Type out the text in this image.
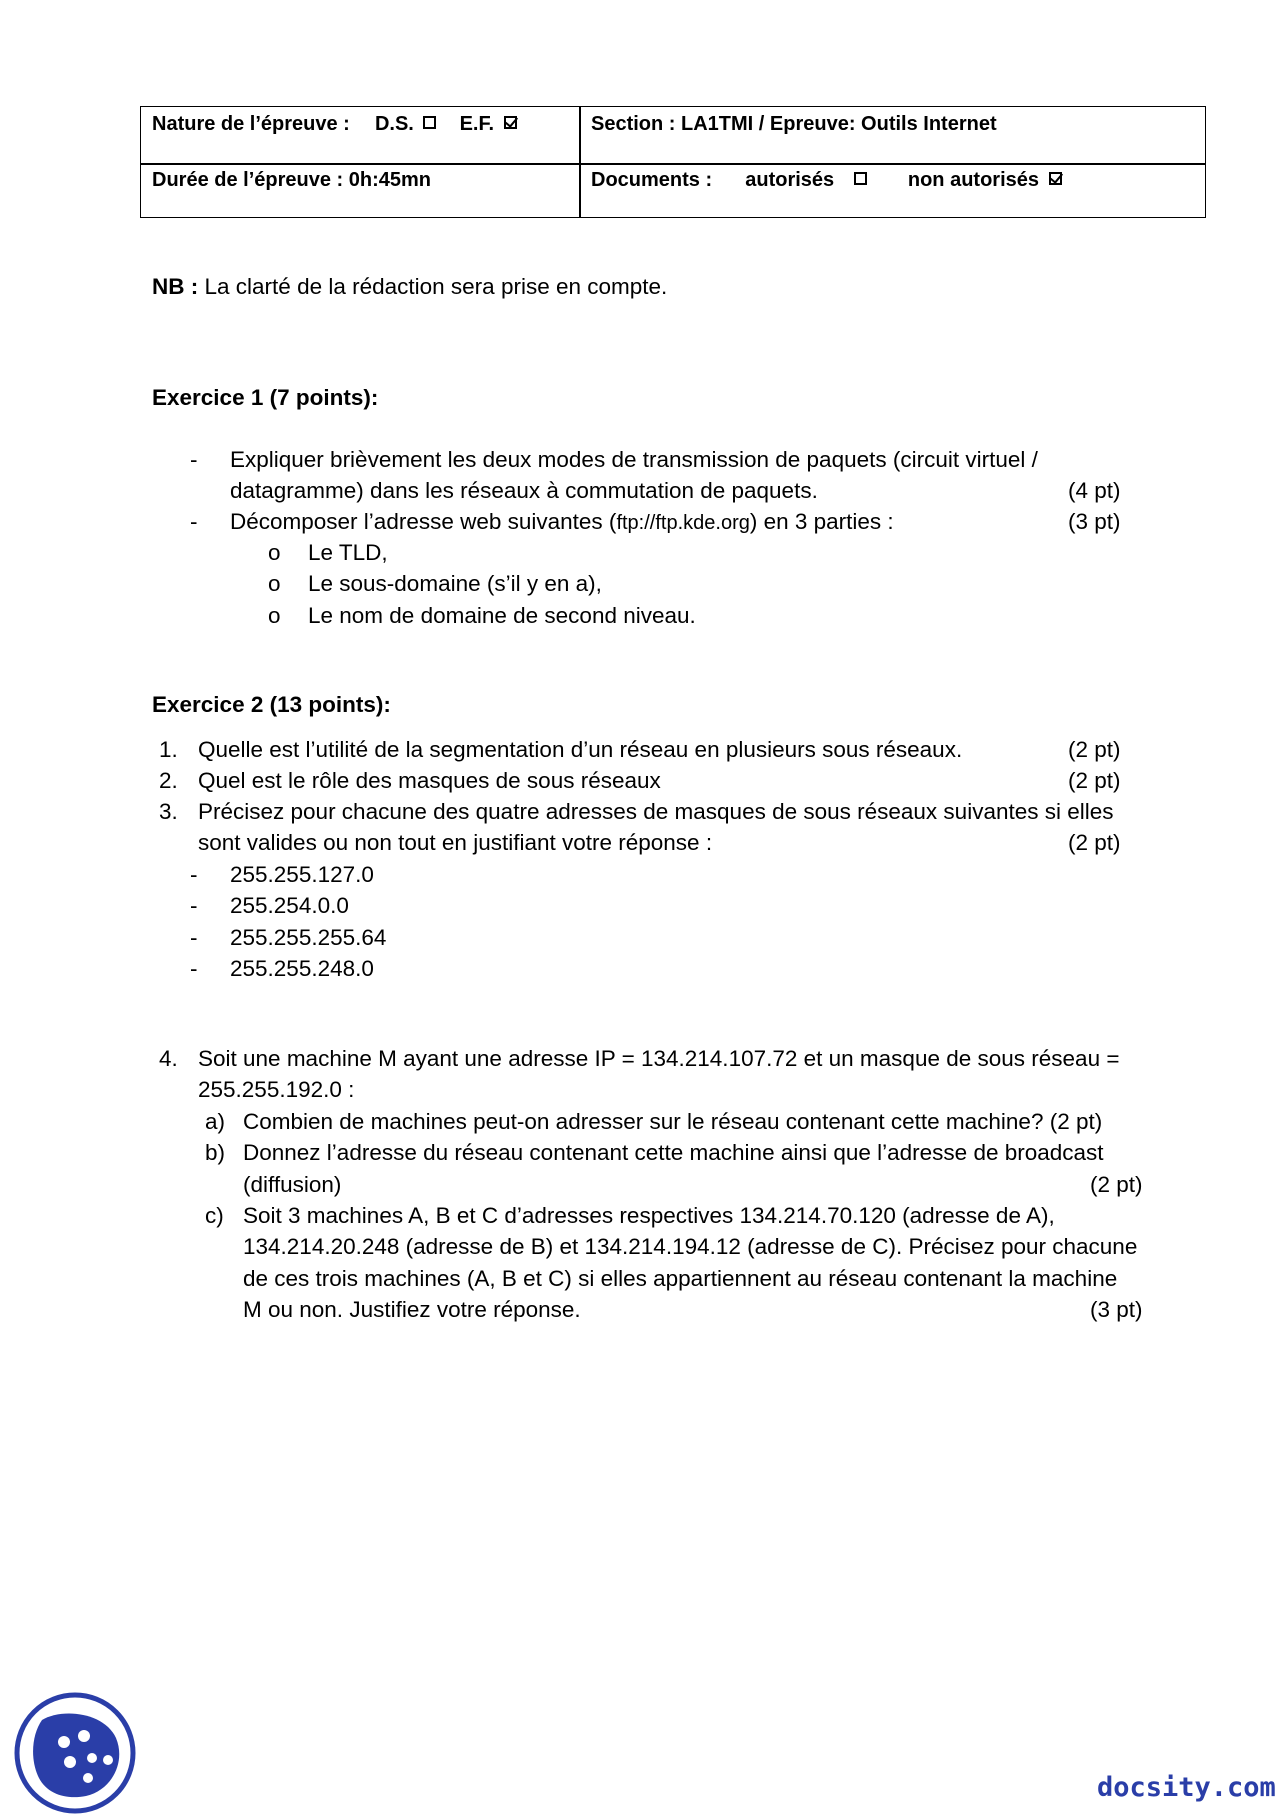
Nature de l’épreuve : D.S. E.F.	Section : LA1TMI / Epreuve: Outils Internet
Durée de l’épreuve : 0h:45mn	Documents : autorisés	non autorisés
NB : La clarté de la rédaction sera prise en compte.
Exercice 1 (7 points):
- Expliquer brièvement les deux modes de transmission de paquets (circuit virtuel /
datagramme) dans les réseaux à commutation de paquets.	(4 pt)
- Décomposer l’adresse web suivantes (ftp://ftp.kde.org) en 3 parties :	(3 pt)
o Le TLD,
o Le sous-domaine (s’il y en a),
o Le nom de domaine de second niveau.
Exercice 2 (13 points):
1. Quelle est l’utilité de la segmentation d’un réseau en plusieurs sous réseaux.	(2 pt)
2. Quel est le rôle des masques de sous réseaux	(2 pt)
3. Précisez pour chacune des quatre adresses de masques de sous réseaux suivantes si elles
sont valides ou non tout en justifiant votre réponse :	(2 pt)
- 255.255.127.0
- 255.254.0.0
- 255.255.255.64
- 255.255.248.0
4. Soit une machine M ayant une adresse IP = 134.214.107.72 et un masque de sous réseau =
255.255.192.0 :
a) Combien de machines peut-on adresser sur le réseau contenant cette machine? (2 pt)
b) Donnez l’adresse du réseau contenant cette machine ainsi que l’adresse de broadcast
(diffusion)	(2 pt)
c) Soit 3 machines A, B et C d’adresses respectives 134.214.70.120 (adresse de A),
134.214.20.248 (adresse de B) et 134.214.194.12 (adresse de C). Précisez pour chacune
de ces trois machines (A, B et C) si elles appartiennent au réseau contenant la machine
M ou non. Justifiez votre réponse.	(3 pt)
docsity.com
